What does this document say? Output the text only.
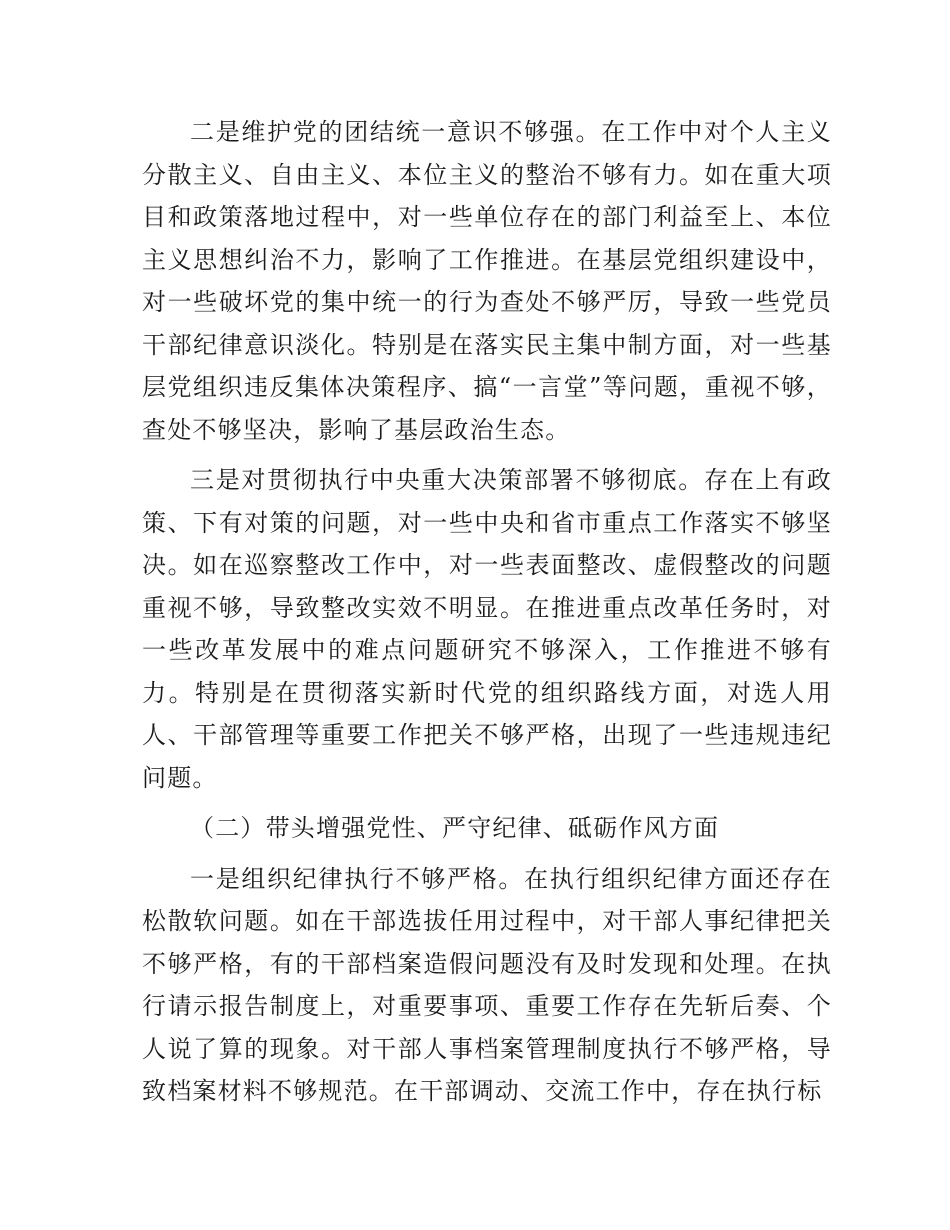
二是维护党的团结统一意识不够强。在工作中对个人主义分散主义、自由主义、本位主义的整治不够有力。如在重大项目和政策落地过程中，对一些单位存在的部门利益至上、本位主义思想纠治不力，影响了工作推进。在基层党组织建设中，对一些破坏党的集中统一的行为查处不够严厉，导致一些党员干部纪律意识淡化。特别是在落实民主集中制方面，对一些基层党组织违反集体决策程序、搞“一言堂”等问题，重视不够，查处不够坚决，影响了基层政治生态。

三是对贯彻执行中央重大决策部署不够彻底。存在上有政策、下有对策的问题，对一些中央和省市重点工作落实不够坚决。如在巡察整改工作中，对一些表面整改、虚假整改的问题重视不够，导致整改实效不明显。在推进重点改革任务时，对一些改革发展中的难点问题研究不够深入，工作推进不够有力。特别是在贯彻落实新时代党的组织路线方面，对选人用人、干部管理等重要工作把关不够严格，出现了一些违规违纪问题。

（二）带头增强党性、严守纪律、砥砺作风方面

一是组织纪律执行不够严格。在执行组织纪律方面还存在松散软问题。如在干部选拔任用过程中，对干部人事纪律把关不够严格，有的干部档案造假问题没有及时发现和处理。在执行请示报告制度上，对重要事项、重要工作存在先斩后奏、个人说了算的现象。对干部人事档案管理制度执行不够严格，导致档案材料不够规范。在干部调动、交流工作中，存在执行标
